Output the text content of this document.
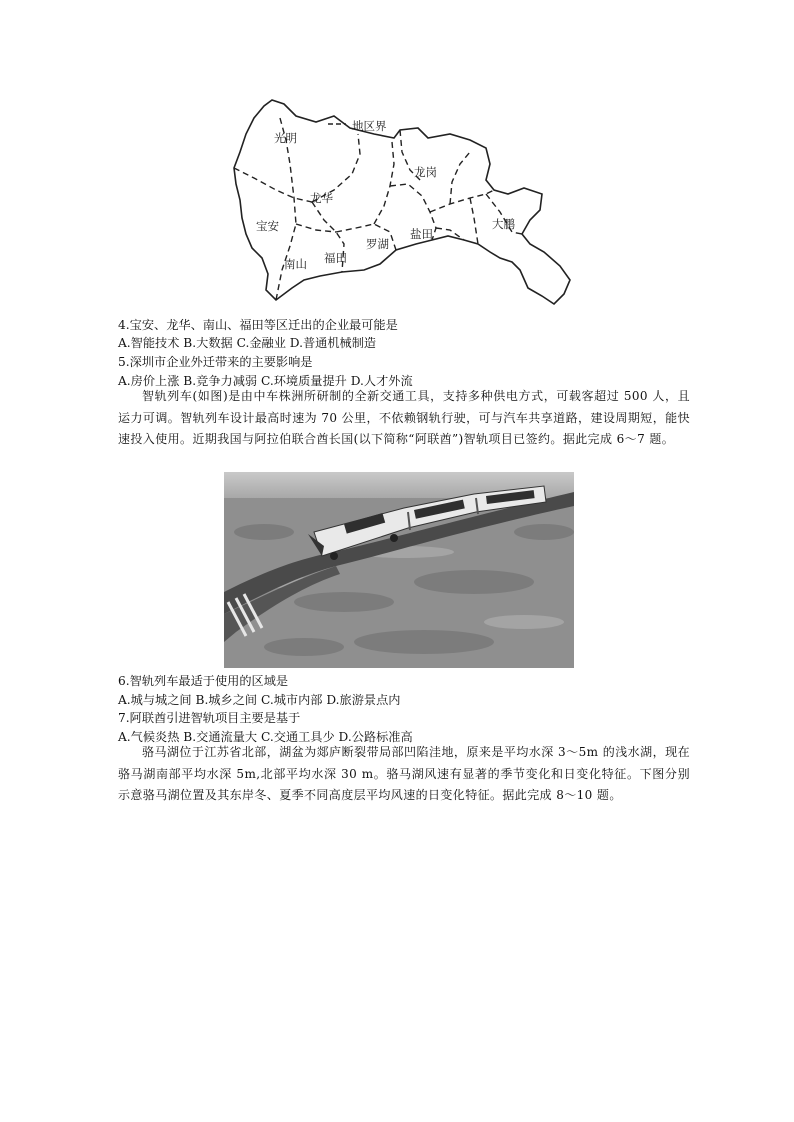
地区界
光明
龙华
宝安
南山 福田
罗湖
龙岗
盐田
大鹏
4.宝安、龙华、南山、福田等区迁出的企业最可能是
A.智能技术 B.大数据 C.金融业 D.普通机械制造
5.深圳市企业外迁带来的主要影响是
A.房价上涨 B.竞争力减弱 C.环境质量提升 D.人才外流
智轨列车(如图)是由中车株洲所研制的全新交通工具，支持多种供电方式，可载客超过 500 人，且运力可调。智轨列车设计最高时速为 70 公里，不依赖钢轨行驶，可与汽车共享道路，建设周期短，能快速投入使用。近期我国与阿拉伯联合酋长国(以下简称“阿联酋”)智轨项目已签约。据此完成 6～7 题。
6.智轨列车最适于使用的区域是
A.城与城之间 B.城乡之间 C.城市内部 D.旅游景点内
7.阿联酋引进智轨项目主要是基于
A.气候炎热 B.交通流量大 C.交通工具少 D.公路标准高
骆马湖位于江苏省北部，湖盆为郯庐断裂带局部凹陷洼地，原来是平均水深 3～5m 的浅水湖，现在骆马湖南部平均水深 5m,北部平均水深 30 m。骆马湖风速有显著的季节变化和日变化特征。下图分别示意骆马湖位置及其东岸冬、夏季不同高度层平均风速的日变化特征。据此完成 8～10 题。
